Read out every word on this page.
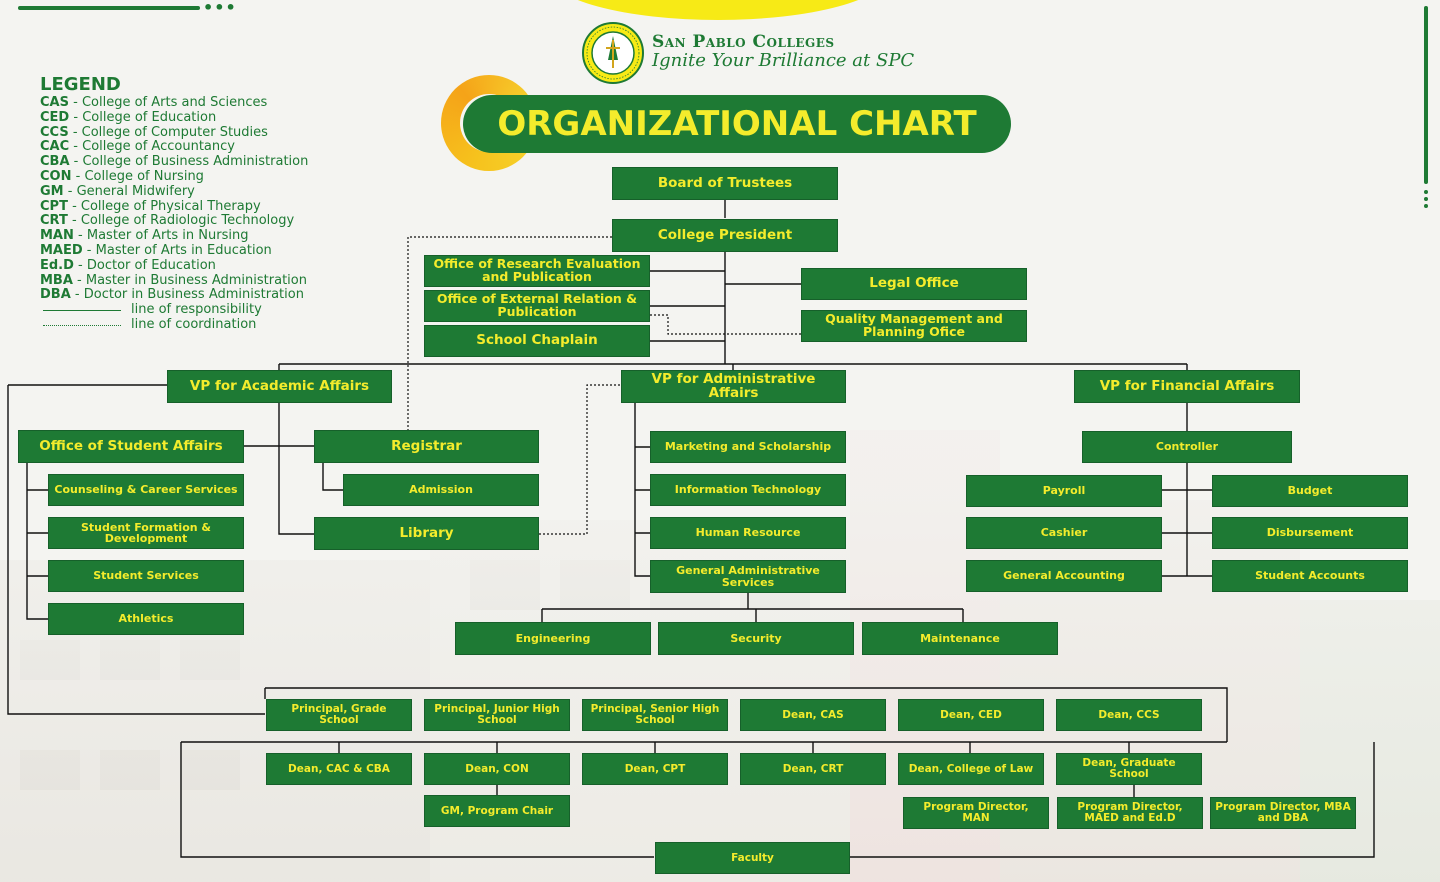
•••
San Pablo Colleges
Ignite Your Brilliance at SPC
ORGANIZATIONAL CHART
LEGEND
CAS - College of Arts and Sciences
CED - College of Education
CCS - College of Computer Studies
CAC - College of Accountancy
CBA - College of Business Administration
CON - College of Nursing
GM - General Midwifery
CPT - College of Physical Therapy
CRT - College of Radiologic Technology
MAN - Master of Arts in Nursing
MAED - Master of Arts in Education
Ed.D - Doctor of Education
MBA - Master in Business Administration
DBA - Doctor in Business Administration
line of responsibility
line of coordination
Board of Trustees
College President
Office of Research Evaluation and Publication
Office of External Relation & Publication
School Chaplain
Legal Office
Quality Management and Planning Ofice
VP for Academic Affairs	VP for Administrative Affairs	VP for Financial Affairs
Office of Student Affairs
Counseling & Career Services
Student Formation & Development
Student Services
Athletics
Registrar
Admission
Library
Marketing and Scholarship
Information Technology
Human Resource
General Administrative Services
Engineering	Security	Maintenance
Controller
Payroll
Cashier
General Accounting
Budget
Disbursement
Student Accounts
Principal, Grade School
Principal, Junior High School
Principal, Senior High School	Dean, CAS	Dean, CED	Dean, CCS
Dean, CAC & CBA	Dean, CON	Dean, CPT	Dean, CRT	Dean, College of Law	Dean, Graduate School
GM, Program Chair	Program Director, MAN
Program Director, MAED and Ed.D
Program Director, MBA and DBA
Faculty
